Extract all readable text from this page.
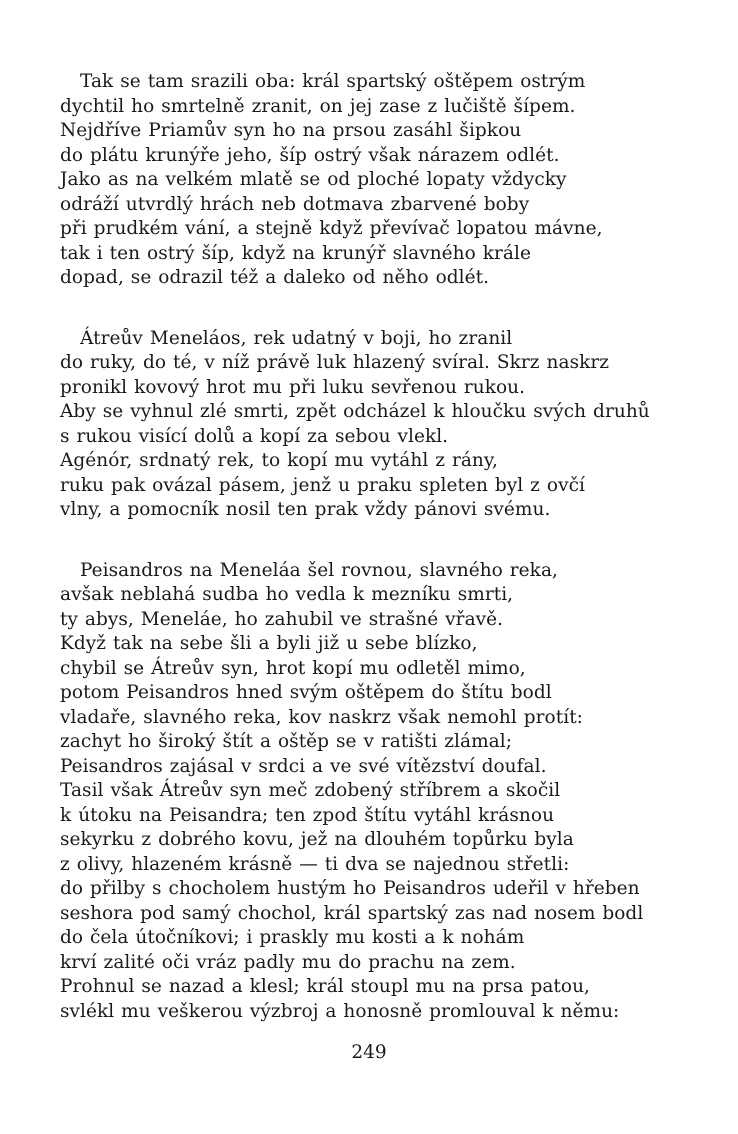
Tak se tam srazili oba: král spartský oštěpem ostrým
dychtil ho smrtelně zranit, on jej zase z lučiště šípem.
Nejdříve Priamův syn ho na prsou zasáhl šipkou
do plátu krunýře jeho, šíp ostrý však nárazem odlét.
Jako as na velkém mlatě se od ploché lopaty vždycky
odráží utvrdlý hrách neb dotmava zbarvené boby
při prudkém vání, a stejně když převívač lopatou mávne,
tak i ten ostrý šíp, když na krunýř slavného krále
dopad, se odrazil též a daleko od něho odlét.
Átreův Meneláos, rek udatný v boji, ho zranil
do ruky, do té, v níž právě luk hlazený svíral. Skrz naskrz
pronikl kovový hrot mu při luku sevřenou rukou.
Aby se vyhnul zlé smrti, zpět odcházel k hloučku svých druhů
s rukou visící dolů a kopí za sebou vlekl.
Agénór, srdnatý rek, to kopí mu vytáhl z rány,
ruku pak ovázal pásem, jenž u praku spleten byl z ovčí
vlny, a pomocník nosil ten prak vždy pánovi svému.
Peisandros na Meneláa šel rovnou, slavného reka,
avšak neblahá sudba ho vedla k mezníku smrti,
ty abys, Meneláe, ho zahubil ve strašné vřavě.
Když tak na sebe šli a byli již u sebe blízko,
chybil se Átreův syn, hrot kopí mu odletěl mimo,
potom Peisandros hned svým oštěpem do štítu bodl
vladaře, slavného reka, kov naskrz však nemohl protít:
zachyt ho široký štít a oštěp se v ratišti zlámal;
Peisandros zajásal v srdci a ve své vítězství doufal.
Tasil však Átreův syn meč zdobený stříbrem a skočil
k útoku na Peisandra; ten zpod štítu vytáhl krásnou
sekyrku z dobrého kovu, jež na dlouhém topůrku byla
z olivy, hlazeném krásně — ti dva se najednou střetli:
do přilby s chocholem hustým ho Peisandros udeřil v hřeben
seshora pod samý chochol, král spartský zas nad nosem bodl
do čela útočníkovi; i praskly mu kosti a k nohám
krví zalité oči vráz padly mu do prachu na zem.
Prohnul se nazad a klesl; král stoupl mu na prsa patou,
svlékl mu veškerou výzbroj a honosně promlouval k němu:
249
